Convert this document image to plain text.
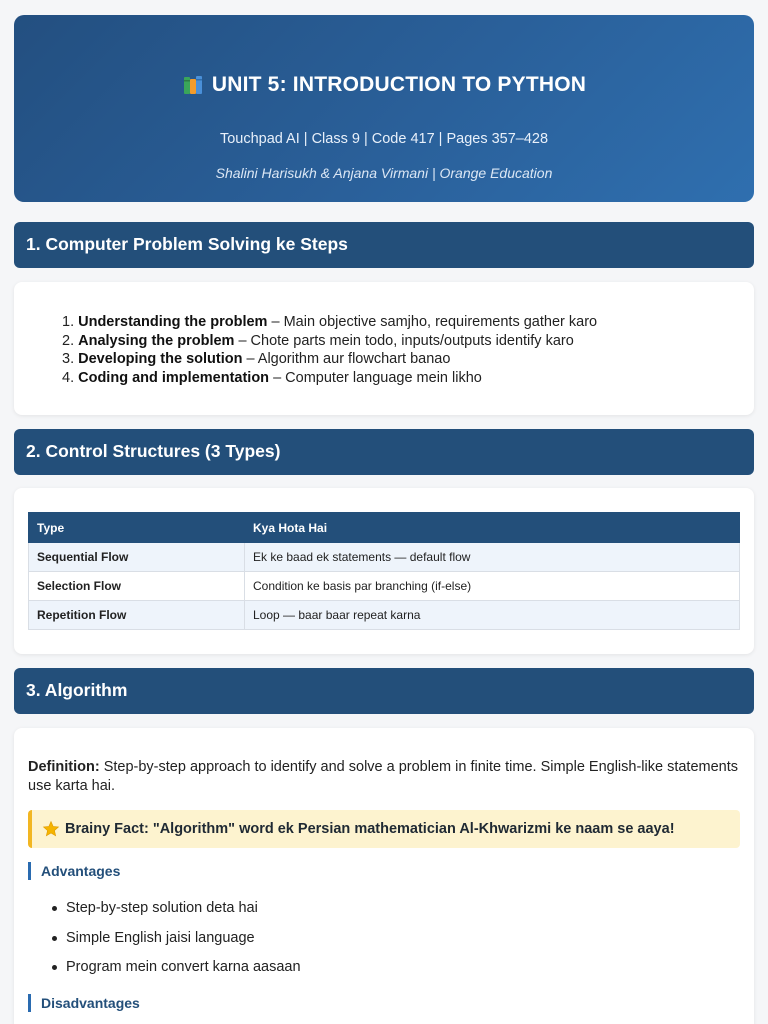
UNIT 5: INTRODUCTION TO PYTHON
Touchpad AI | Class 9 | Code 417 | Pages 357–428
Shalini Harisukh & Anjana Virmani | Orange Education
1. Computer Problem Solving ke Steps
1. Understanding the problem – Main objective samjho, requirements gather karo
2. Analysing the problem – Chote parts mein todo, inputs/outputs identify karo
3. Developing the solution – Algorithm aur flowchart banao
4. Coding and implementation – Computer language mein likho
2. Control Structures (3 Types)
Type	Kya Hota Hai
Sequential Flow	Ek ke baad ek statements — default flow
Selection Flow	Condition ke basis par branching (if-else)
Repetition Flow	Loop — baar baar repeat karna
3. Algorithm

Definition: Step-by-step approach to identify and solve a problem in finite time. Simple English-like statements use karta hai.

Brainy Fact: "Algorithm" word ek Persian mathematician Al-Khwarizmi ke naam se aaya!
Advantages
Step-by-step solution deta hai
Simple English jaisi language
Program mein convert karna aasaan
Disadvantages
